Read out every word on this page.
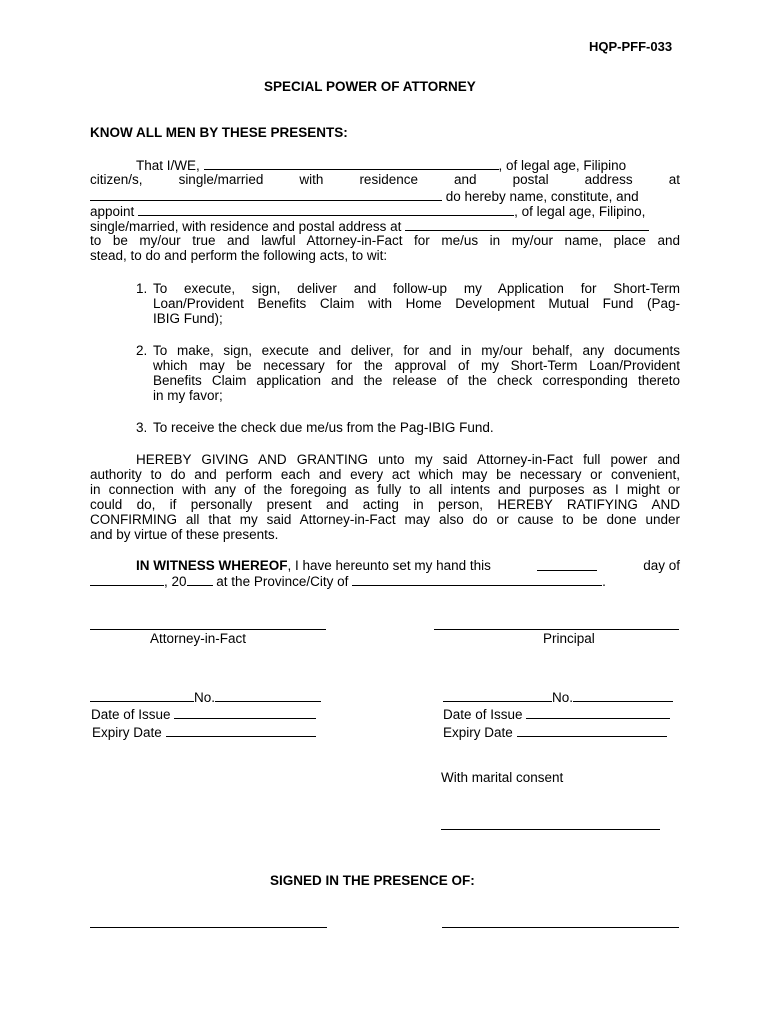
HQP-PFF-033
SPECIAL POWER OF ATTORNEY
KNOW ALL MEN BY THESE PRESENTS:
That I/WE,	, of legal age, Filipino
citizen/s,	single/married	with	residence	and	postal	address	at
do hereby name, constitute, and
appoint	, of legal age, Filipino,
single/married, with residence and postal address at
to be my/our true and lawful Attorney-in-Fact for me/us in my/our name, place and
stead, to do and perform the following acts, to wit:
1. To execute, sign, deliver and follow-up my Application for Short-Term
Loan/Provident Benefits Claim with Home Development Mutual Fund (Pag-
IBIG Fund);
2. To make, sign, execute and deliver, for and in my/our behalf, any documents
which may be necessary for the approval of my Short-Term Loan/Provident
Benefits Claim application and the release of the check corresponding thereto
in my favor;
3. To receive the check due me/us from the Pag-IBIG Fund.
HEREBY GIVING AND GRANTING unto my said Attorney-in-Fact full power and
authority to do and perform each and every act which may be necessary or convenient,
in connection with any of the foregoing as fully to all intents and purposes as I might or
could do, if personally present and acting in person, HEREBY RATIFYING AND
CONFIRMING all that my said Attorney-in-Fact may also do or cause to be done under
and by virtue of these presents.
IN WITNESS WHEREOF, I have hereunto set my hand this	day of
, 20 at the Province/City of	.
Attorney-in-Fact	Principal
No.
Date of Issue
Expiry Date
No.
Date of Issue
Expiry Date
With marital consent
SIGNED IN THE PRESENCE OF:
